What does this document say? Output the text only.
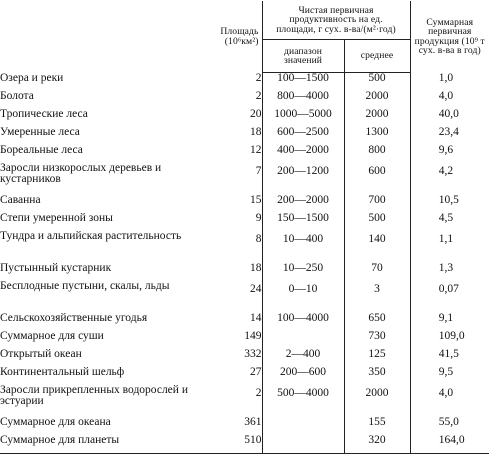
	Площадь (10⁶км²)	Чистая первичная продуктивность на ед. площади, г сух. в-ва/(м²·год)		Суммарная первичная продукция (10⁹ т сух. в-ва в год)
		диапазон значений	среднее	
Озера и реки	2	100—1500	500	1,0
Болота	2	800—4000	2000	4,0
Тропические леса	20	1000—5000	2000	40,0
Умеренные леса	18	600—2500	1300	23,4
Бореальные леса	12	400—2000	800	9,6
Заросли низкорослых деревьев и кустарников	7	200—1200	600	4,2
Саванна	15	200—2000	700	10,5
Степи умеренной зоны	9	150—1500	500	4,5
Тундра и альпийская растительность	8	10—400	140	1,1
Пустынный кустарник	18	10—250	70	1,3
Бесплодные пустыни, скалы, льды	24	0—10	3	0,07
Сельскохозяйственные угодья	14	100—4000	650	9,1
Суммарное для суши	149		730	109,0
Открытый океан	332	2—400	125	41,5
Континентальный шельф	27	200—600	350	9,5
Заросли прикрепленных водорослей и эстуарии	2	500—4000	2000	4,0
Суммарное для океана	361		155	55,0
Суммарное для планеты	510		320	164,0
